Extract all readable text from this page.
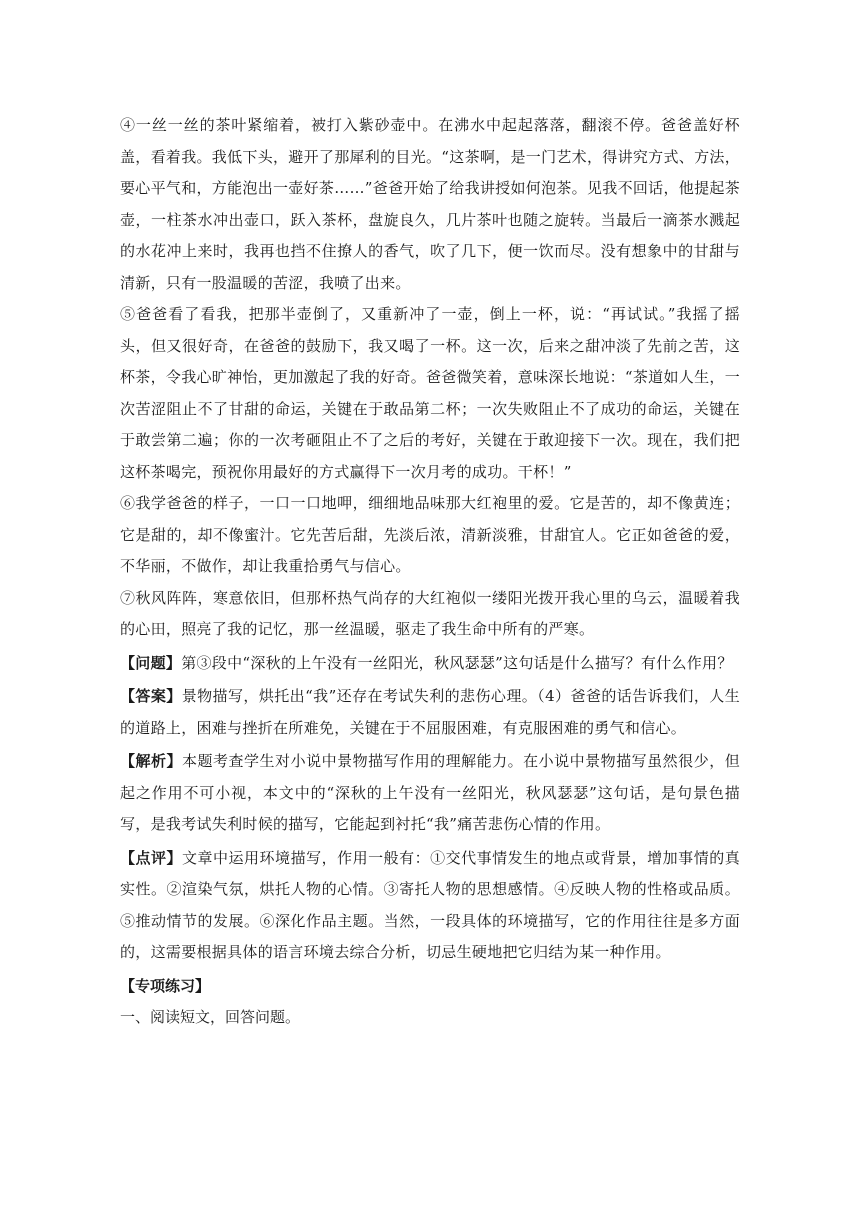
④一丝一丝的茶叶紧缩着，被打入紫砂壶中。在沸水中起起落落，翻滚不停。爸爸盖好杯盖，看着我。我低下头，避开了那犀利的目光。“这茶啊，是一门艺术，得讲究方式、方法，要心平气和，方能泡出一壶好茶……”爸爸开始了给我讲授如何泡茶。见我不回话，他提起茶壶，一柱茶水冲出壶口，跃入茶杯，盘旋良久，几片茶叶也随之旋转。当最后一滴茶水溅起的水花冲上来时，我再也挡不住撩人的香气，吹了几下，便一饮而尽。没有想象中的甘甜与清新，只有一股温暖的苦涩，我喷了出来。

⑤爸爸看了看我，把那半壶倒了，又重新冲了一壶，倒上一杯，说：“再试试。”我摇了摇头，但又很好奇，在爸爸的鼓励下，我又喝了一杯。这一次，后来之甜冲淡了先前之苦，这杯茶，令我心旷神怡，更加激起了我的好奇。爸爸微笑着，意味深长地说：“茶道如人生，一次苦涩阻止不了甘甜的命运，关键在于敢品第二杯；一次失败阻止不了成功的命运，关键在于敢尝第二遍；你的一次考砸阻止不了之后的考好，关键在于敢迎接下一次。现在，我们把这杯茶喝完，预祝你用最好的方式赢得下一次月考的成功。干杯！”

⑥我学爸爸的样子，一口一口地呷，细细地品味那大红袍里的爱。它是苦的，却不像黄连；它是甜的，却不像蜜汁。它先苦后甜，先淡后浓，清新淡雅，甘甜宜人。它正如爸爸的爱，不华丽，不做作，却让我重拾勇气与信心。

⑦秋风阵阵，寒意依旧，但那杯热气尚存的大红袍似一缕阳光拨开我心里的乌云，温暖着我的心田，照亮了我的记忆，那一丝温暖，驱走了我生命中所有的严寒。

【问题】第③段中“深秋的上午没有一丝阳光，秋风瑟瑟”这句话是什么描写？有什么作用？

【答案】景物描写，烘托出“我”还存在考试失利的悲伤心理。（4）爸爸的话告诉我们，人生的道路上，困难与挫折在所难免，关键在于不屈服困难，有克服困难的勇气和信心。

【解析】本题考查学生对小说中景物描写作用的理解能力。在小说中景物描写虽然很少，但起之作用不可小视，本文中的“深秋的上午没有一丝阳光，秋风瑟瑟”这句话，是句景色描写，是我考试失利时候的描写，它能起到衬托“我”痛苦悲伤心情的作用。

【点评】文章中运用环境描写，作用一般有：①交代事情发生的地点或背景，增加事情的真实性。②渲染气氛，烘托人物的心情。③寄托人物的思想感情。④反映人物的性格或品质。⑤推动情节的发展。⑥深化作品主题。当然，一段具体的环境描写，它的作用往往是多方面的，这需要根据具体的语言环境去综合分析，切忌生硬地把它归结为某一种作用。

【专项练习】

一、阅读短文，回答问题。
